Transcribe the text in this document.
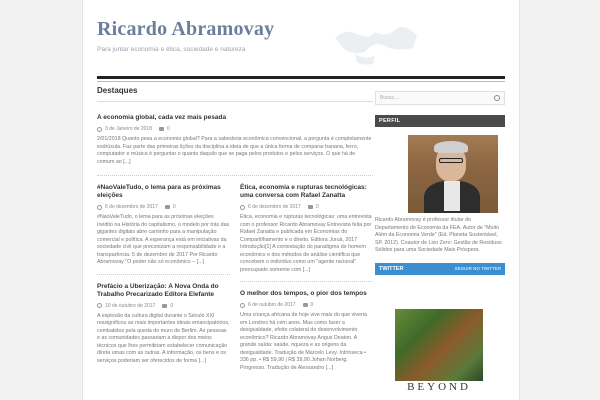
Ricardo Abramovay
Para juntar economia e ética, sociedade e natureza
Destaques
A economia global, cada vez mais pesada
3 de Janeiro de 2018	0
2/01/2018 Quanto pesa a economia global? Para a sabedoria econômica convencional, a pergunta é completamente esdrúxula. Faz parte das primeiras lições da disciplina a ideia de que a única forma de comparar banana, ferro, computador e música é perguntar o quanto daquilo que se paga pelos produtos e pelos serviços. O que há de comum ao [...]
#NaoValeTudo, o lema para as próximas eleições
6 de dezembro de 2017	0
#NaoValeTudo, o lema para as próximas eleições Inédito na História do capitalismo, o modelo por trás das gigantes digitais abre caminho para a manipulação comercial e política. A esperança está em iniciativas da sociedade civil que preconizam a responsabilidade e a transparência. 5 de dezembro de 2017 Por Ricardo Abramovay "O poder não só econômico – [...]
Prefácio a Uberização: A Nova Onda do Trabalho Precarizado Editora Elefante
10 de outubro de 2017	0
A explosão da cultura digital durante o Século XXI ressignificou as mais importantes ideais emancipatórios, combatidos pela queda do muro de Berlim. As pessoas e as comunidades passariam a dispor dos meios técnicos que lhes permitiriam estabelecer comunicação direta umas com as outras. A informação, os bens e os serviços poderiam ser oferecidos de forma [...]
Ética, economia e rupturas tecnológicas: uma conversa com Rafael Zanatta
6 de dezembro de 2017	0
Ética, economia e rupturas tecnológicas: uma entrevista com o professor Ricardo Abramovay Entrevista feita por Rafael Zanatta e publicada em Economias do Compartilhamento e o direito. Editora Juruá, 2017 Introdução[1] A contestação do paradigma do homem econômico e dos métodos de análise científica que concebem o indivíduo como um "agente racional" preocupado somente com [...]
O melhor dos tempos, o pior dos tempos
6 de outubro de 2017	0
Uma criança africana de hoje vive mais do que viveria em Londres há cem anos. Mas como fazer a desigualdade, efeito colateral do desenvolvimento econômico? Ricardo Abramovay Angus Deaton. A grande saída: saúde, riqueza e as origens da desigualdade. Tradução de Marcelo Levy. Intrínseca • 336 pp. • R$ 59,90 | R$ 39,90 Johan Norberg. Progresso. Tradução de Alessandro [...]
Busca ...
PERFIL
Ricardo Abramovay é professor titular do Departamento de Economia da FEA. Autor de "Muito Além da Economia Verde" (Ed. Planeta Sustentável, SP, 2012). Coautor de Lixo Zero: Gestão de Resíduos Sólidos para uma Sociedade Mais Próspera.
TWITTER	SEGUIR NO TWITTER
BEYOND
